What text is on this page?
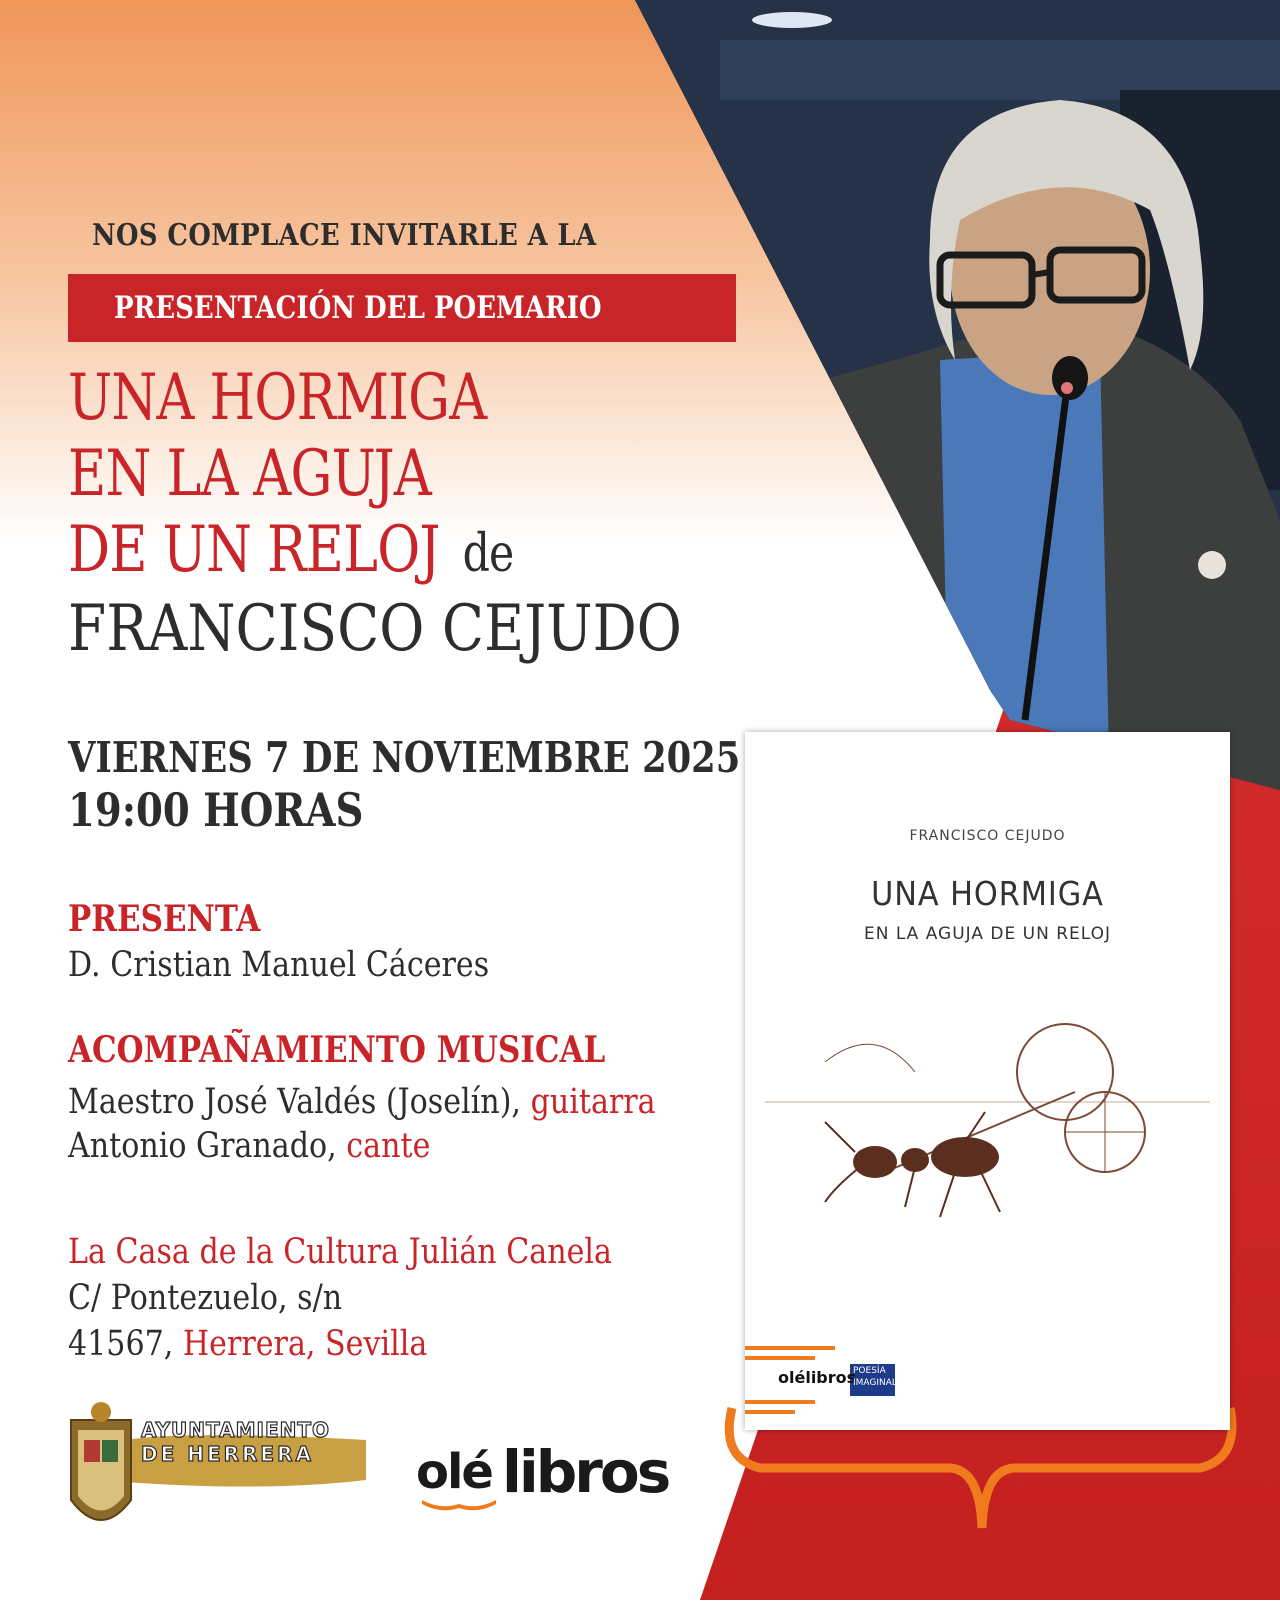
NOS COMPLACE INVITARLE A LA
PRESENTACIÓN DEL POEMARIO
UNA HORMIGA
EN LA AGUJA
DE UN RELOJ de
FRANCISCO CEJUDO
VIERNES 7 DE NOVIEMBRE 2025
19:00 HORAS
PRESENTA
D. Cristian Manuel Cáceres
ACOMPAÑAMIENTO MUSICAL
Maestro José Valdés (Joselín), guitarra
Antonio Granado, cante
La Casa de la Cultura Julián Canela
C/ Pontezuelo, s/n
41567, Herrera, Sevilla
FRANCISCO CEJUDO
UNA HORMIGA
EN LA AGUJA DE UN RELOJ
olélibros
POESÍA
IMAGINAL
AYUNTAMIENTO
DE HERRERA olé libros
